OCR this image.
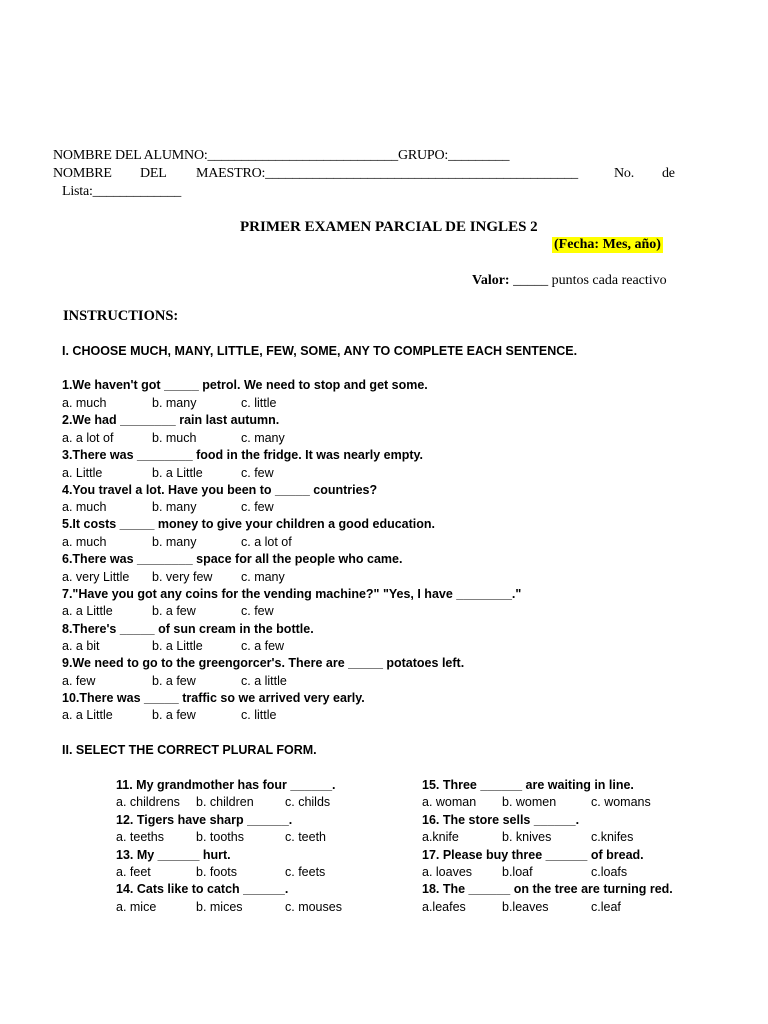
NOMBRE DEL ALUMNO:____________________________GRUPO:_________
NOMBRE DEL MAESTRO:______________________________________________	No. de
Lista:_____________
PRIMER EXAMEN PARCIAL DE INGLES 2
(Fecha: Mes, año)
Valor: _____ puntos cada reactivo
INSTRUCTIONS:
I. CHOOSE MUCH, MANY, LITTLE, FEW, SOME, ANY TO COMPLETE EACH SENTENCE.
1.We haven't got _____ petrol. We need to stop and get some.
a. much	b. many	c. little
2.We had ________ rain last autumn.
a. a lot of	b. much	c. many
3.There was ________ food in the fridge. It was nearly empty.
a. Little	b. a Little	c. few
4.You travel a lot. Have you been to _____ countries?
a. much	b. many	c. few
5.It costs _____ money to give your children a good education.
a. much	b. many	c. a lot of
6.There was ________ space for all the people who came.
a. very Little b. very few c. many
7."Have you got any coins for the vending machine?" "Yes, I have ________."
a. a Little	b. a few	c. few
8.There's _____ of sun cream in the bottle.
a. a bit	b. a Little	c. a few
9.We need to go to the greengorcer's. There are _____ potatoes left.
a. few	b. a few	c. a little
10.There was _____ traffic so we arrived very early.
a. a Little	b. a few	c. little
II. SELECT THE CORRECT PLURAL FORM.
11. My grandmother has four ______.
a. childrens b. children	c. childs
12. Tigers have sharp ______.
a. teeths	b. tooths	c. teeth
13. My ______ hurt.
a. feet	b. foots	c. feets
14. Cats like to catch ______.
a. mice	b. mices	c. mouses
15. Three ______ are waiting in line.
a. woman b. women	c. womans
16. The store sells ______.
a.knife	b. knives	c.knifes
17. Please buy three ______ of bread.
a. loaves b.loaf	c.loafs
18. The ______ on the tree are turning red.
a.leafes	b.leaves	c.leaf
